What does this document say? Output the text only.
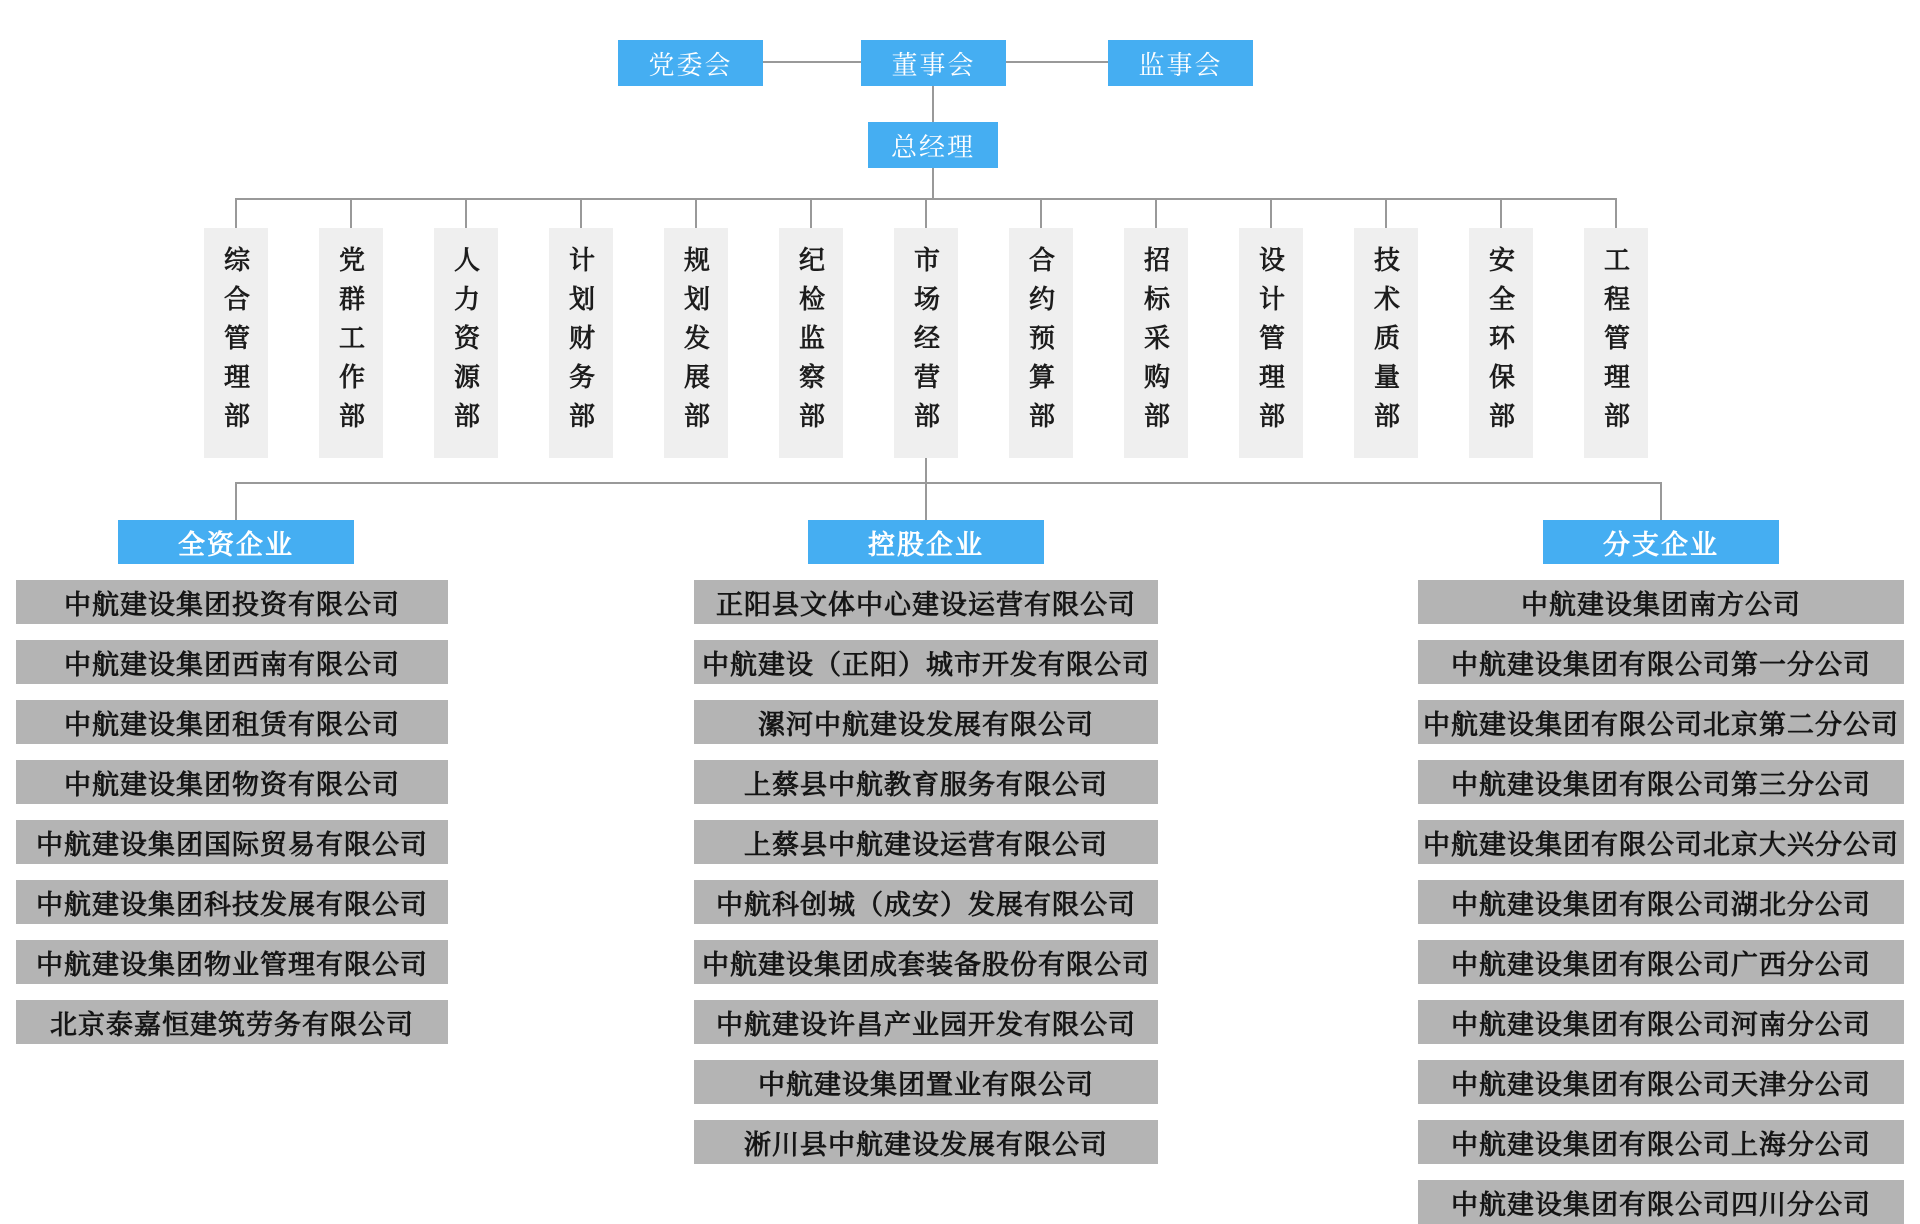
党委会	董事会	监事会
总经理
综合管理部	党群工作部	人力资源部	计划财务部	规划发展部	纪检监察部	市场经营部	合约预算部	招标采购部	设计管理部	技术质量部	安全环保部	工程管理部
全资企业	控股企业	分支企业
中航建设集团投资有限公司
中航建设集团西南有限公司
中航建设集团租赁有限公司
中航建设集团物资有限公司
中航建设集团国际贸易有限公司
中航建设集团科技发展有限公司
中航建设集团物业管理有限公司
北京泰嘉恒建筑劳务有限公司
正阳县文体中心建设运营有限公司
中航建设（正阳）城市开发有限公司
漯河中航建设发展有限公司
上蔡县中航教育服务有限公司
上蔡县中航建设运营有限公司
中航科创城（成安）发展有限公司
中航建设集团成套装备股份有限公司
中航建设许昌产业园开发有限公司
中航建设集团置业有限公司
淅川县中航建设发展有限公司
中航建设集团南方公司
中航建设集团有限公司第一分公司
中航建设集团有限公司北京第二分公司
中航建设集团有限公司第三分公司
中航建设集团有限公司北京大兴分公司
中航建设集团有限公司湖北分公司
中航建设集团有限公司广西分公司
中航建设集团有限公司河南分公司
中航建设集团有限公司天津分公司
中航建设集团有限公司上海分公司
中航建设集团有限公司四川分公司
